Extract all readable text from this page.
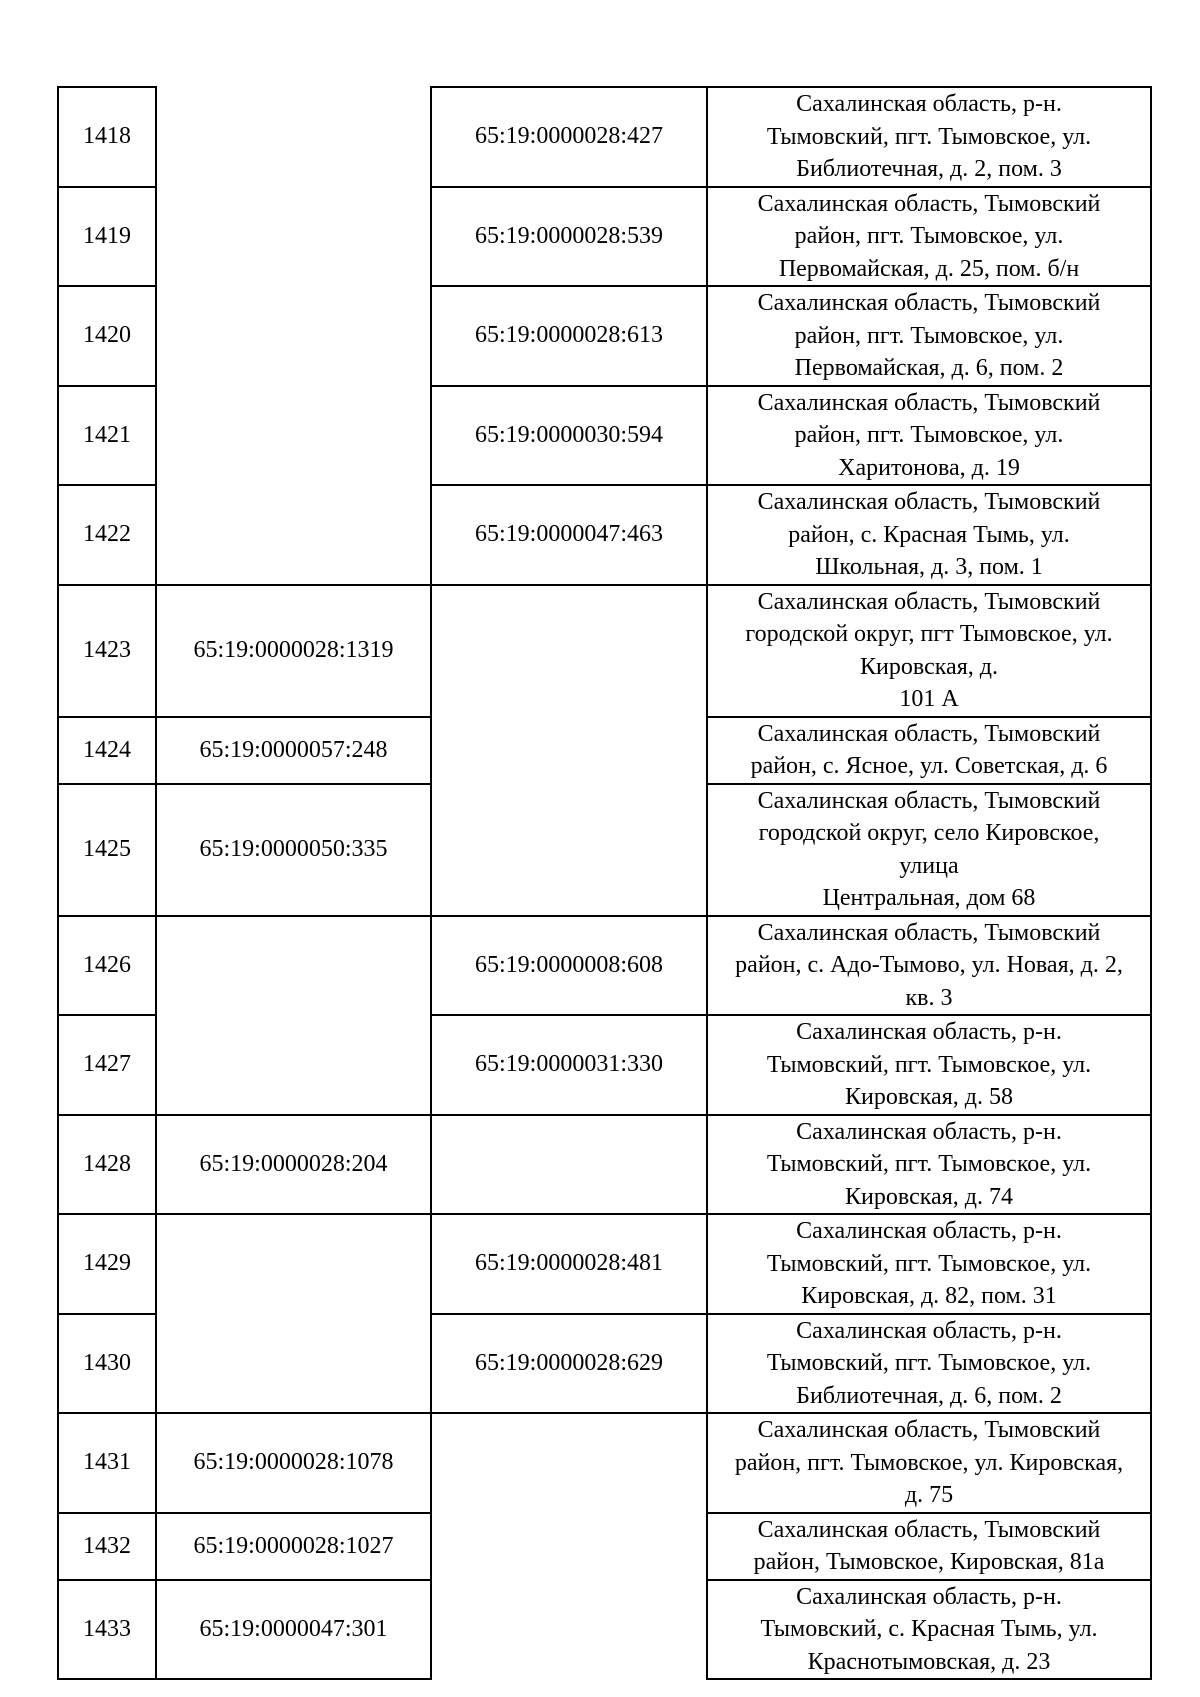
1418		65:19:0000028:427	Сахалинская область, р-н.
Тымовский, пгт. Тымовское, ул.
Библиотечная, д. 2, пом. 3
1419		65:19:0000028:539	Сахалинская область, Тымовский
район, пгт. Тымовское, ул.
Первомайская, д. 25, пом. б/н
1420		65:19:0000028:613	Сахалинская область, Тымовский
район, пгт. Тымовское, ул.
Первомайская, д. 6, пом. 2
1421		65:19:0000030:594	Сахалинская область, Тымовский
район, пгт. Тымовское, ул.
Харитонова, д. 19
1422		65:19:0000047:463	Сахалинская область, Тымовский
район, с. Красная Тымь, ул.
Школьная, д. 3, пом. 1
1423	65:19:0000028:1319		Сахалинская область, Тымовский
городской округ, пгт Тымовское, ул.
Кировская, д.
101 А
1424	65:19:0000057:248		Сахалинская область, Тымовский
район, с. Ясное, ул. Советская, д. 6
1425	65:19:0000050:335		Сахалинская область, Тымовский
городской округ, село Кировское,
улица
Центральная, дом 68
1426		65:19:0000008:608	Сахалинская область, Тымовский
район, с. Адо-Тымово, ул. Новая, д. 2,
кв. 3
1427		65:19:0000031:330	Сахалинская область, р-н.
Тымовский, пгт. Тымовское, ул.
Кировская, д. 58
1428	65:19:0000028:204		Сахалинская область, р-н.
Тымовский, пгт. Тымовское, ул.
Кировская, д. 74
1429		65:19:0000028:481	Сахалинская область, р-н.
Тымовский, пгт. Тымовское, ул.
Кировская, д. 82, пом. 31
1430		65:19:0000028:629	Сахалинская область, р-н.
Тымовский, пгт. Тымовское, ул.
Библиотечная, д. 6, пом. 2
1431	65:19:0000028:1078		Сахалинская область, Тымовский
район, пгт. Тымовское, ул. Кировская,
д. 75
1432	65:19:0000028:1027		Сахалинская область, Тымовский
район, Тымовское, Кировская, 81а
1433	65:19:0000047:301		Сахалинская область, р-н.
Тымовский, с. Красная Тымь, ул.
Краснотымовская, д. 23
